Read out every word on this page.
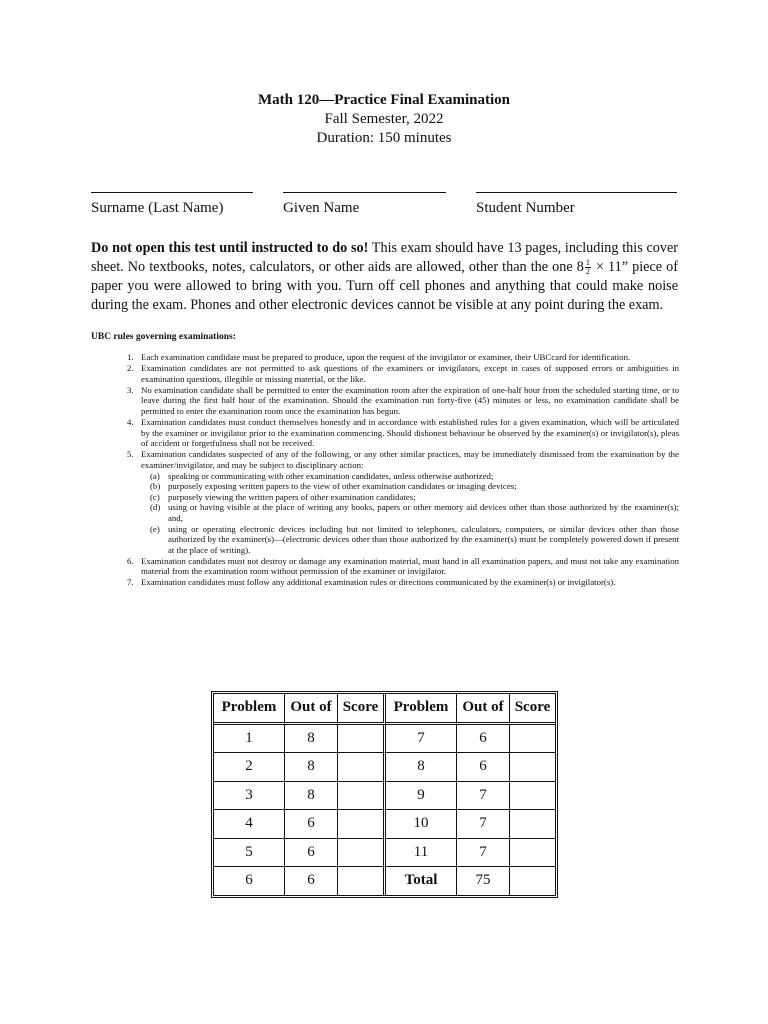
Math 120—Practice Final Examination
Fall Semester, 2022
Duration: 150 minutes
Surname (Last Name)	Given Name	Student Number
Do not open this test until instructed to do so! This exam should have 13 pages, including this cover sheet. No textbooks, notes, calculators, or other aids are allowed, other than the one $8 \frac{1}{2} \times 11$” piece of paper you were allowed to bring with you. Turn off cell phones and anything that could make noise during the exam. Phones and other electronic devices cannot be visible at any point during the exam.
UBC rules governing examinations:
1. Each examination candidate must be prepared to produce, upon the request of the invigilator or examiner, their UBCcard for identification.
2. Examination candidates are not permitted to ask questions of the examiners or invigilators, except in cases of supposed errors or ambiguities in examination questions, illegible or missing material, or the like.
3. No examination candidate shall be permitted to enter the examination room after the expiration of one-half hour from the scheduled starting time, or to leave during the first half hour of the examination. Should the examination run forty-five (45) minutes or less, no examination candidate shall be permitted to enter the examination room once the examination has begun.
4. Examination candidates must conduct themselves honestly and in accordance with established rules for a given examination, which will be articulated by the examiner or invigilator prior to the examination commencing. Should dishonest behaviour be observed by the examiner(s) or invigilator(s), pleas of accident or forgetfulness shall not be received.
5. Examination candidates suspected of any of the following, or any other similar practices, may be immediately dismissed from the examination by the examiner/invigilator, and may be subject to disciplinary action:
(a) speaking or communicating with other examination candidates, unless otherwise authorized;
(b) purposely exposing written papers to the view of other examination candidates or imaging devices;
(c) purposely viewing the written papers of other examination candidates;
(d) using or having visible at the place of writing any books, papers or other memory aid devices other than those authorized by the examiner(s); and,
(e) using or operating electronic devices including but not limited to telephones, calculators, computers, or similar devices other than those authorized by the examiner(s)—(electronic devices other than those authorized by the examiner(s) must be completely powered down if present at the place of writing).
6. Examination candidates must not destroy or damage any examination material, must hand in all examination papers, and must not take any examination material from the examination room without permission of the examiner or invigilator.
7. Examination candidates must follow any additional examination rules or directions communicated by the examiner(s) or invigilator(s).
Problem	Out of	Score	Problem	Out of	Score
1	8		7	6	
2	8		8	6	
3	8		9	7	
4	6		10	7	
5	6		11	7	
6	6		Total	75	
